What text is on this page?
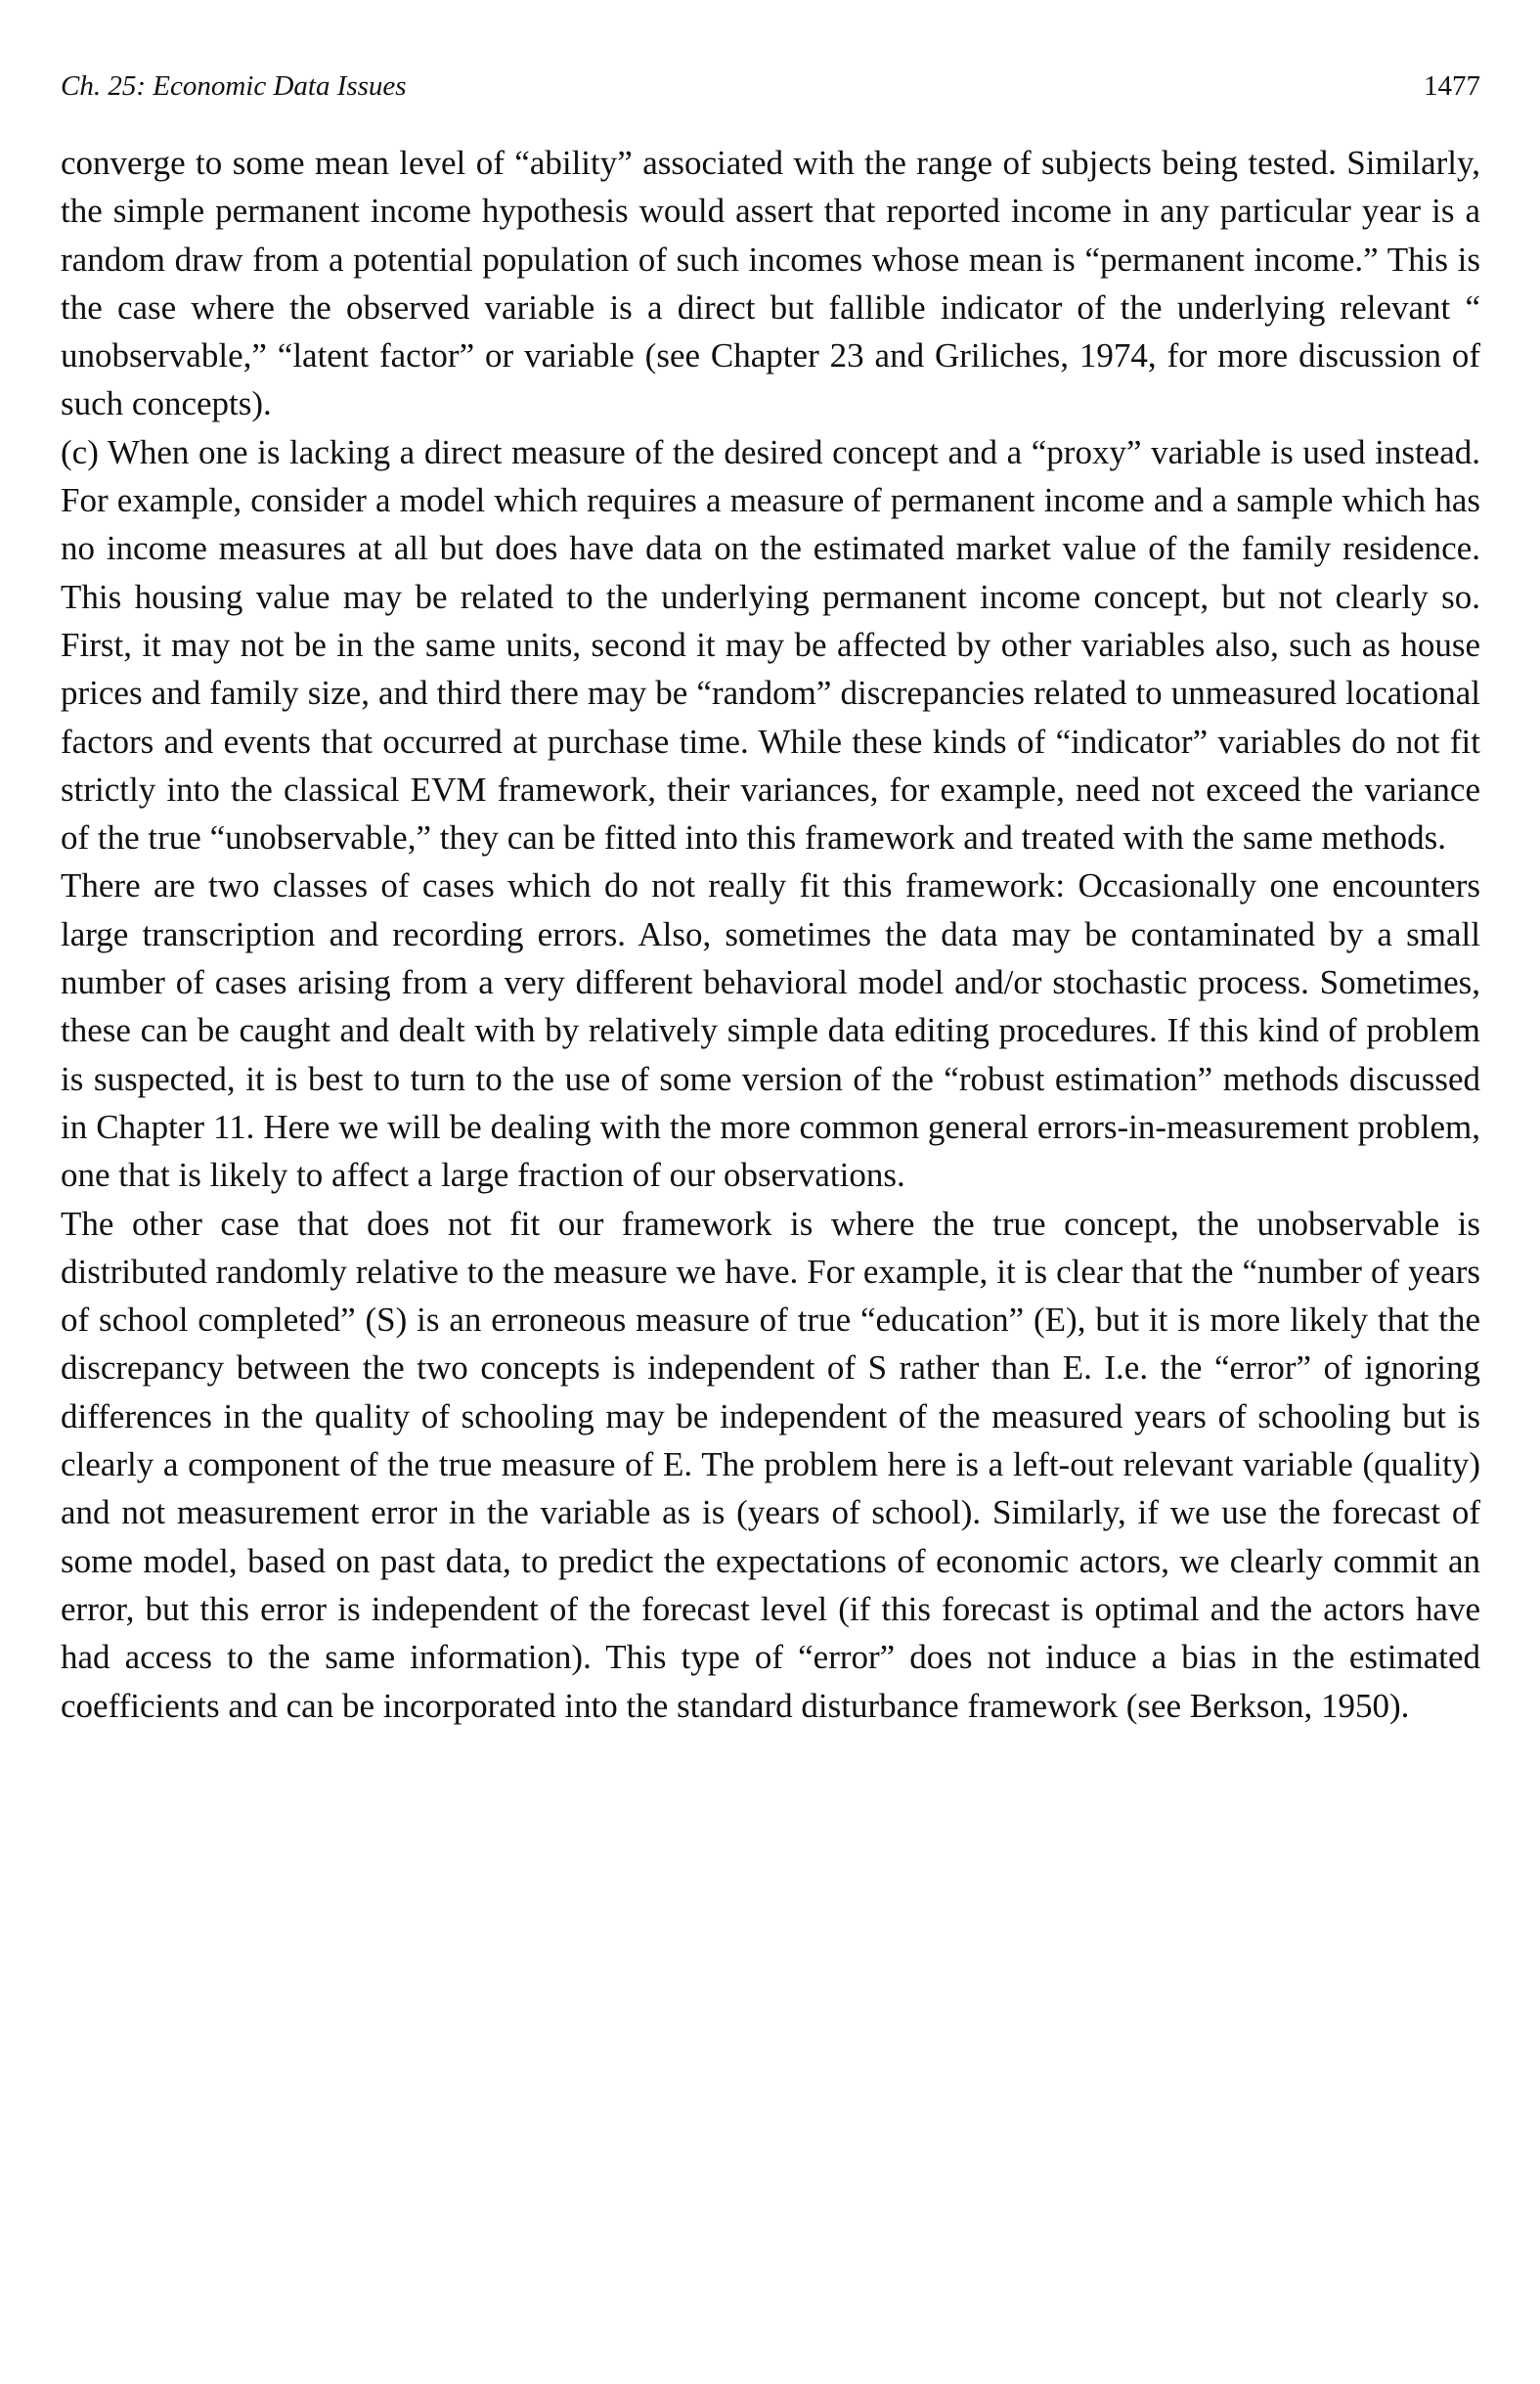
Ch. 25: Economic Data Issues	1477

converge to some mean level of “ability” associated with the range of subjects being tested. Similarly, the simple permanent income hypothesis would assert that reported income in any particular year is a random draw from a potential population of such incomes whose mean is “permanent income.” This is the case where the observed variable is a direct but fallible indicator of the underlying relevant “ unobservable,” “latent factor” or variable (see Chapter 23 and Griliches, 1974, for more discussion of such concepts).

(c) When one is lacking a direct measure of the desired concept and a “proxy” variable is used instead. For example, consider a model which requires a measure of permanent income and a sample which has no income measures at all but does have data on the estimated market value of the family residence. This housing value may be related to the underlying permanent income concept, but not clearly so. First, it may not be in the same units, second it may be affected by other variables also, such as house prices and family size, and third there may be “random” discrepancies related to unmeasured locational factors and events that occurred at purchase time. While these kinds of “indicator” variables do not fit strictly into the classical EVM framework, their variances, for example, need not exceed the variance of the true “unobservable,” they can be fitted into this framework and treated with the same methods.

There are two classes of cases which do not really fit this framework: Occasionally one encounters large transcription and recording errors. Also, sometimes the data may be contaminated by a small number of cases arising from a very different behavioral model and/or stochastic process. Sometimes, these can be caught and dealt with by relatively simple data editing procedures. If this kind of problem is suspected, it is best to turn to the use of some version of the “robust estimation” methods discussed in Chapter 11. Here we will be dealing with the more common general errors-in-measurement problem, one that is likely to affect a large fraction of our observations.

The other case that does not fit our framework is where the true concept, the unobservable is distributed randomly relative to the measure we have. For example, it is clear that the “number of years of school completed” (S) is an erroneous measure of true “education” (E), but it is more likely that the discrepancy between the two concepts is independent of S rather than E. I.e. the “error” of ignoring differences in the quality of schooling may be independent of the measured years of schooling but is clearly a component of the true measure of E. The problem here is a left-out relevant variable (quality) and not measurement error in the variable as is (years of school). Similarly, if we use the forecast of some model, based on past data, to predict the expectations of economic actors, we clearly commit an error, but this error is independent of the forecast level (if this forecast is optimal and the actors have had access to the same information). This type of “error” does not induce a bias in the estimated coefficients and can be incorporated into the standard disturbance framework (see Berkson, 1950).
